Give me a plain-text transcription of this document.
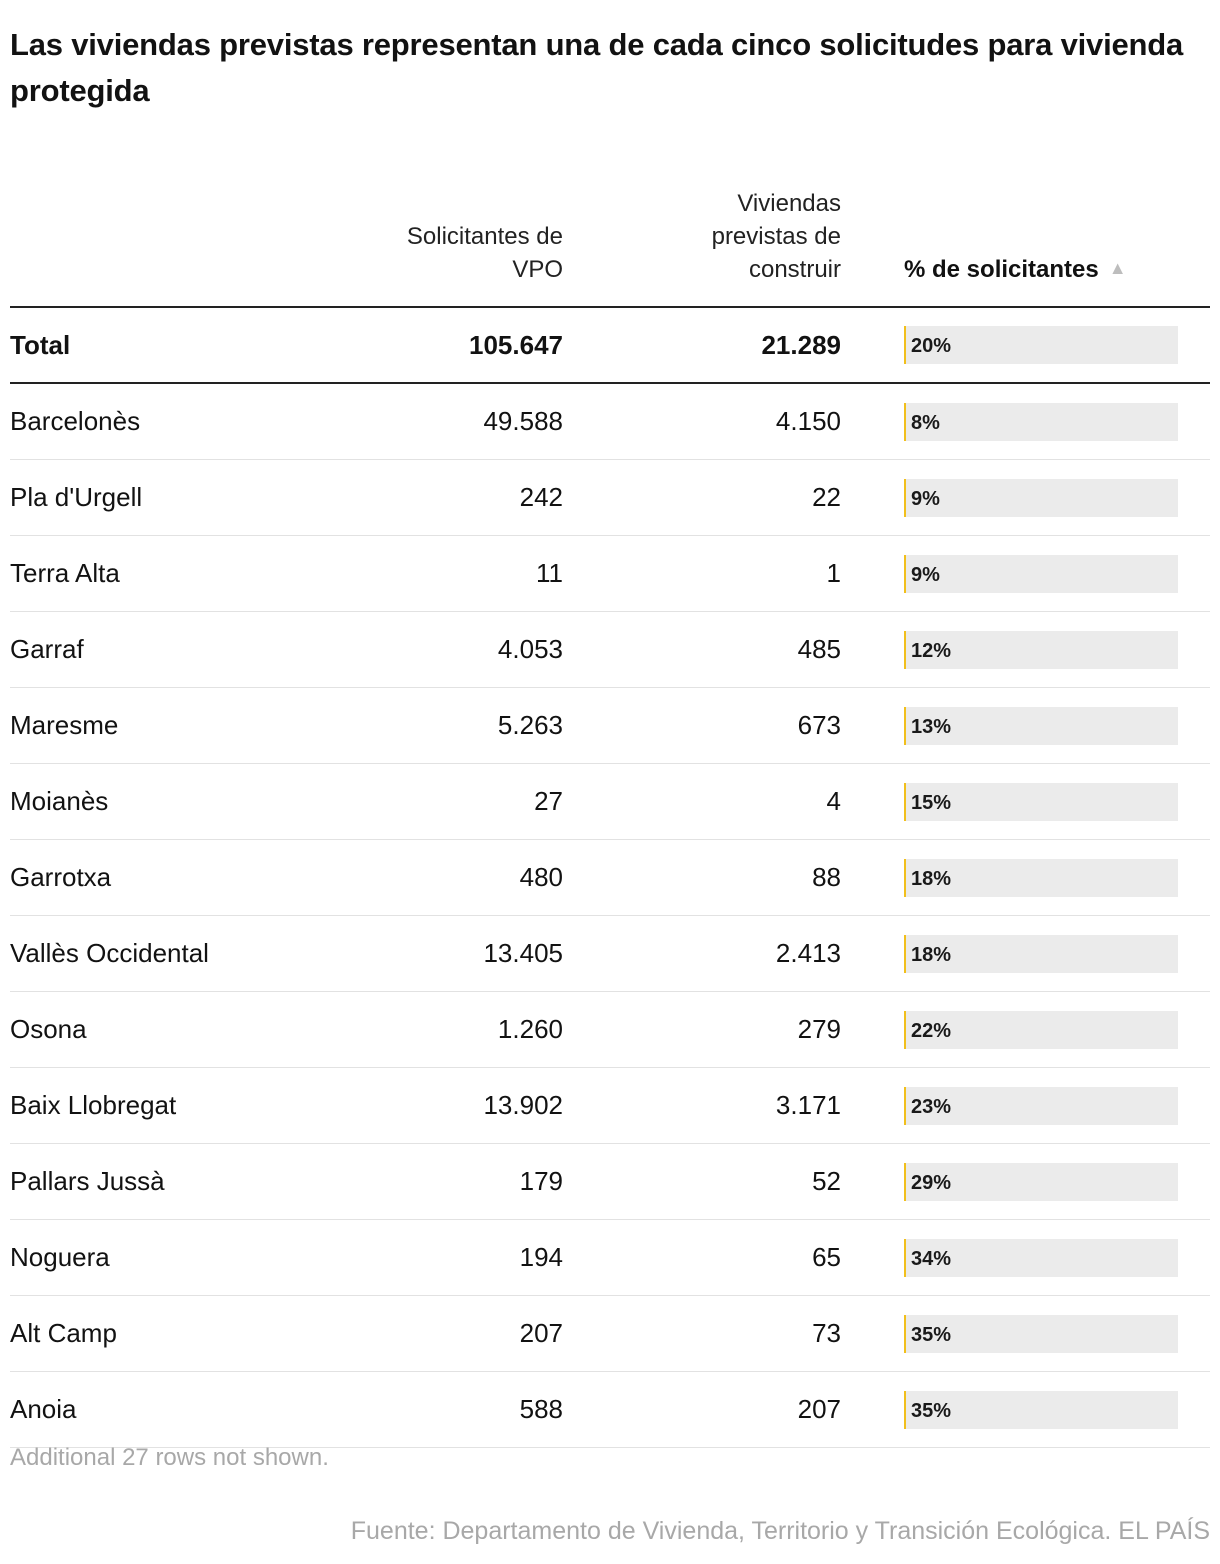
Las viviendas previstas representan una de cada cinco solicitudes para vivienda protegida
	Solicitantes de VPO	Viviendas previstas de construir	% de solicitantes ▲
Total	105.647	21.289	20%

Barcelonès	49.588	4.150	8%

Pla d'Urgell	242	22	9%

Terra Alta	11	1	9%

Garraf	4.053	485	12%

Maresme	5.263	673	13%

Moianès	27	4	15%

Garrotxa	480	88	18%

Vallès Occidental	13.405	2.413	18%

Osona	1.260	279	22%

Baix Llobregat	13.902	3.171	23%

Pallars Jussà	179	52	29%

Noguera	194	65	34%

Alt Camp	207	73	35%

Anoia	588	207	35%
Additional 27 rows not shown.
Fuente: Departamento de Vivienda, Territorio y Transición Ecológica. EL PAÍS
